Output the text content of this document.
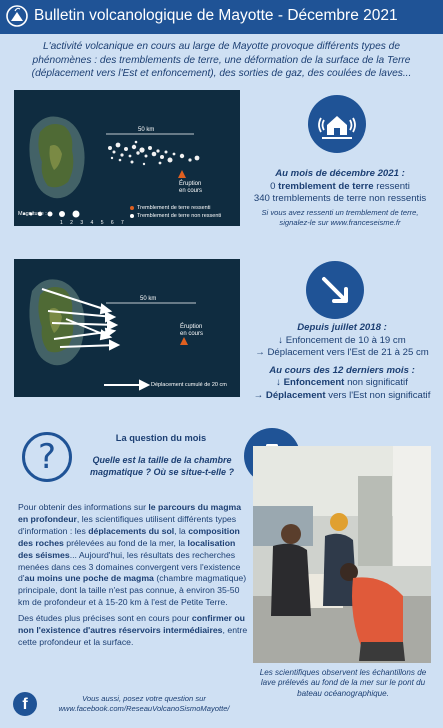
Bulletin volcanologique de Mayotte - Décembre 2021
L'activité volcanique en cours au large de Mayotte provoque différents types de phénomènes : des tremblements de terre, une déformation de la surface de la Terre (déplacement vers l'Est et enfoncement), des sorties de gaz, des coulées de laves...
50 km
Éruption
en cours
Magnitude :
1 2 3 4 5 6 7
Tremblement de terre ressenti
Tremblement de terre non ressenti
Au mois de décembre 2021 :
0 tremblement de terre ressenti
340 tremblements de terre non ressentis
Si vous avez ressenti un tremblement de terre,
signalez-le sur www.franceseisme.fr
50 km
Éruption
en cours
Déplacement cumulé de 20 cm
Depuis juillet 2018 :
↓ Enfoncement de 10 à 19 cm
→ Déplacement vers l'Est de 21 à 25 cm
Au cours des 12 derniers mois :
↓ Enfoncement non significatif
→ Déplacement vers l'Est non significatif
?	La question du mois
Quelle est la taille de la chambre magmatique ? Où se situe-t-elle ?
Pour obtenir des informations sur le parcours du magma en profondeur, les scientifiques utilisent différents types d'information : les déplacements du sol, la composition des roches prélevées au fond de la mer, la localisation des séismes... Aujourd'hui, les résultats des recherches menées dans ces 3 domaines convergent vers l'existence d'au moins une poche de magma (chambre magmatique) principale, dont la taille n'est pas connue, à environ 35-50 km de profondeur et à 15-20 km à l'est de Petite Terre.
Des études plus précises sont en cours pour confirmer ou non l'existence d'autres réservoirs intermédiaires, entre cette profondeur et la surface.
Les scientifiques observent les échantillons de lave prélevés au fond de la mer sur le pont du bateau océanographique.
f	Vous aussi, posez votre question sur
www.facebook.com/ReseauVolcanoSismoMayotte/
